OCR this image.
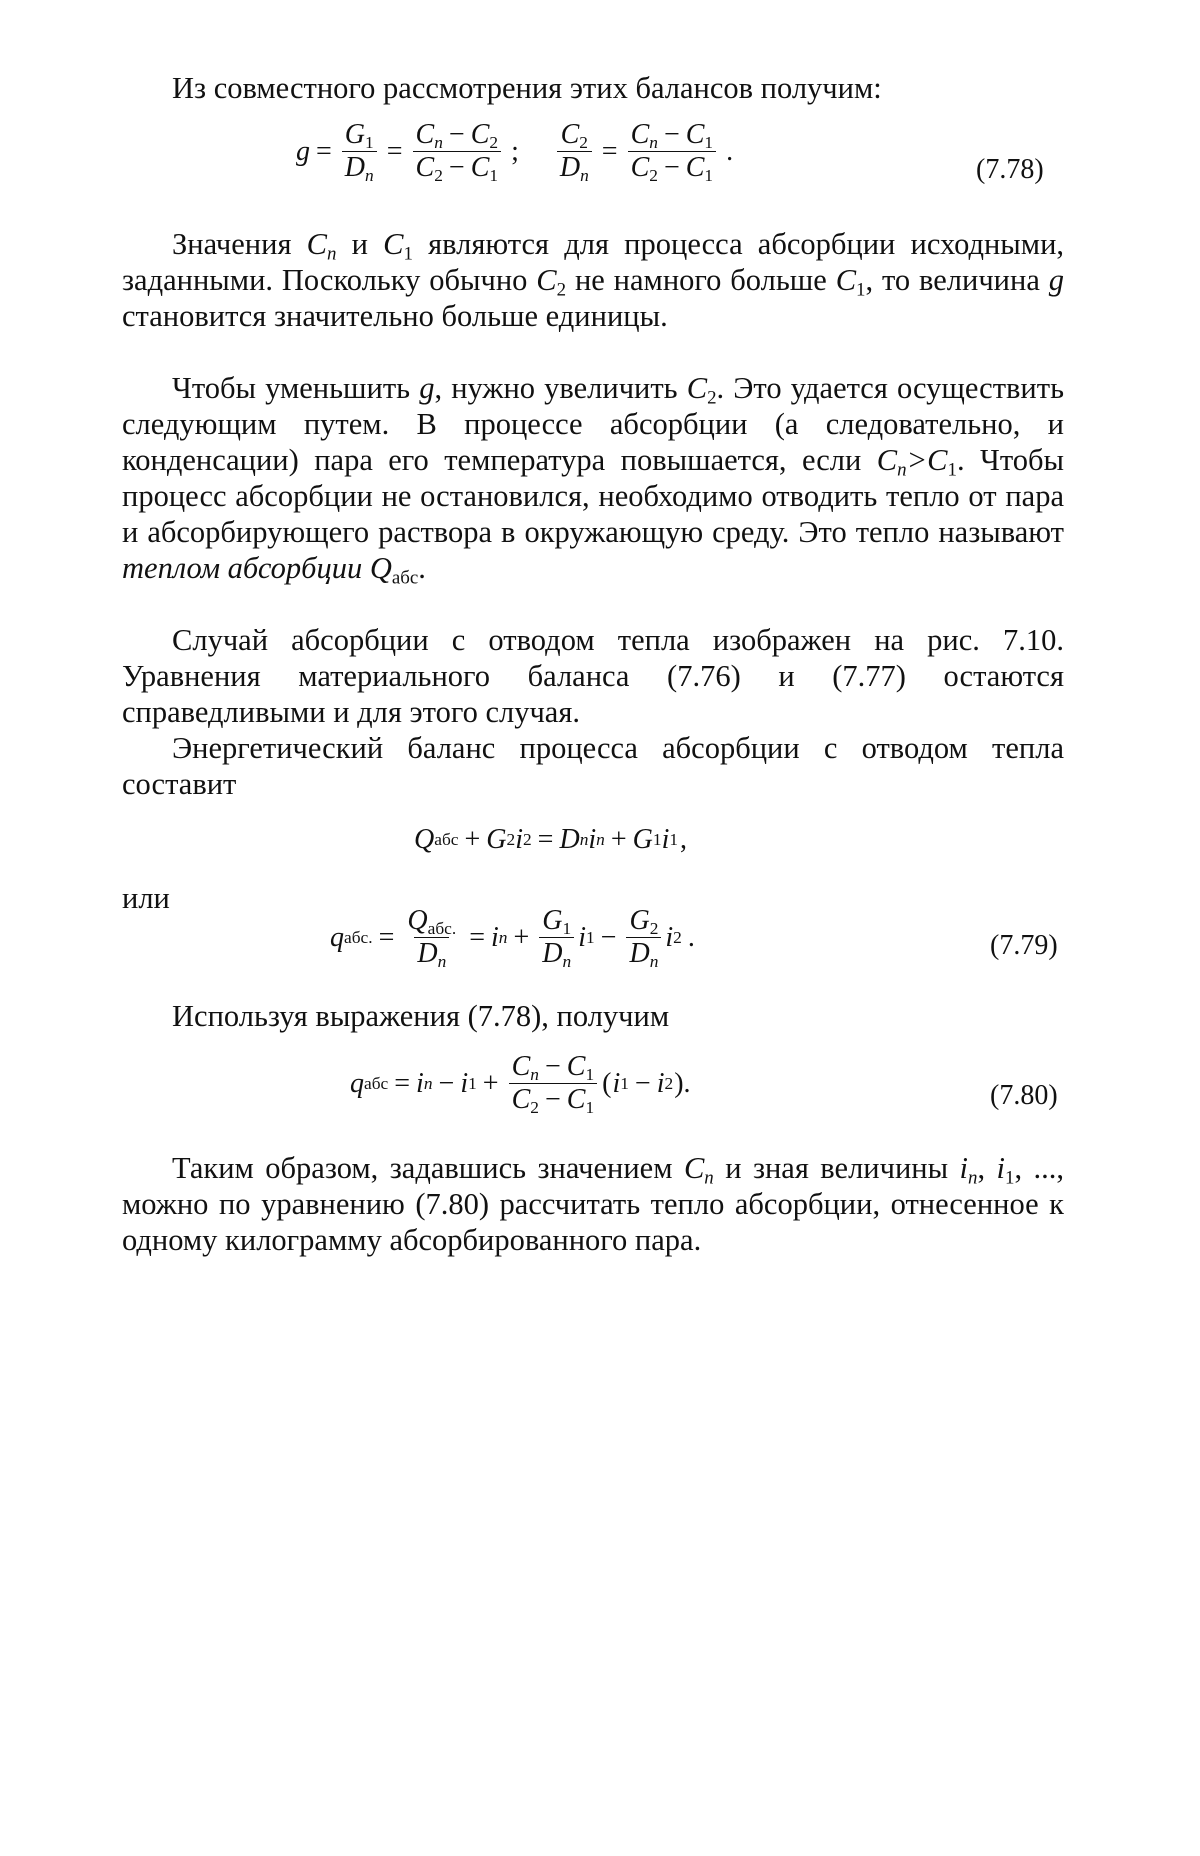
Из совместного рассмотрения этих балансов получим:
$g = \frac{G_1}{D_n} = \frac{C_n - C_2}{C_2 - C_1}$ ; $\frac{C_2}{D_n} = \frac{C_n - C_1}{C_2 - C_1}$ .
(7.78)
Значения $C_n$ и $C_1$ являются для процесса абсорбции исходными, заданными. Поскольку обычно $C_2$ не намного больше $C_1$, то величина g становится значительно больше единицы.
Чтобы уменьшить g, нужно увеличить $C_2$. Это удается осуществить следующим путем. В процессе абсорбции (а следовательно, и конденсации) пара его температура повышается, если $C_n>C_1$. Чтобы процесс абсорбции не остановился, необходимо отводить тепло от пара и абсорбирующего раствора в окружающую среду. Это тепло называют теплом абсорбции $Q_{абс}$.
Случай абсорбции с отводом тепла изображен на рис. 7.10. Уравнения материального баланса (7.76) и (7.77) остаются справедливыми и для этого случая.
Энергетический баланс процесса абсорбции с отводом тепла составит
Q абс + G 2 i 2 = D n i n + G 1 i 1 ,
или
q абс. = $\frac{Q_{абс.}}{D_n} = i$ $n + \frac{G_1}{D_n}$ i $1 - \frac{G_2}{D_n}$ i 2 .	(7.79)
Используя выражения (7.78), получим
q абс = i n − i $1 + \frac{C_n - C_1}{C_2 - C_1}$ ( i 1 − i 2 ).	(7.80)
Таким образом, задавшись значением $C_n$ и зная величины $i_n$, $i_1$, ..., можно по уравнению (7.80) рассчитать тепло абсорбции, отнесенное к одному килограмму абсорбированного пара.
